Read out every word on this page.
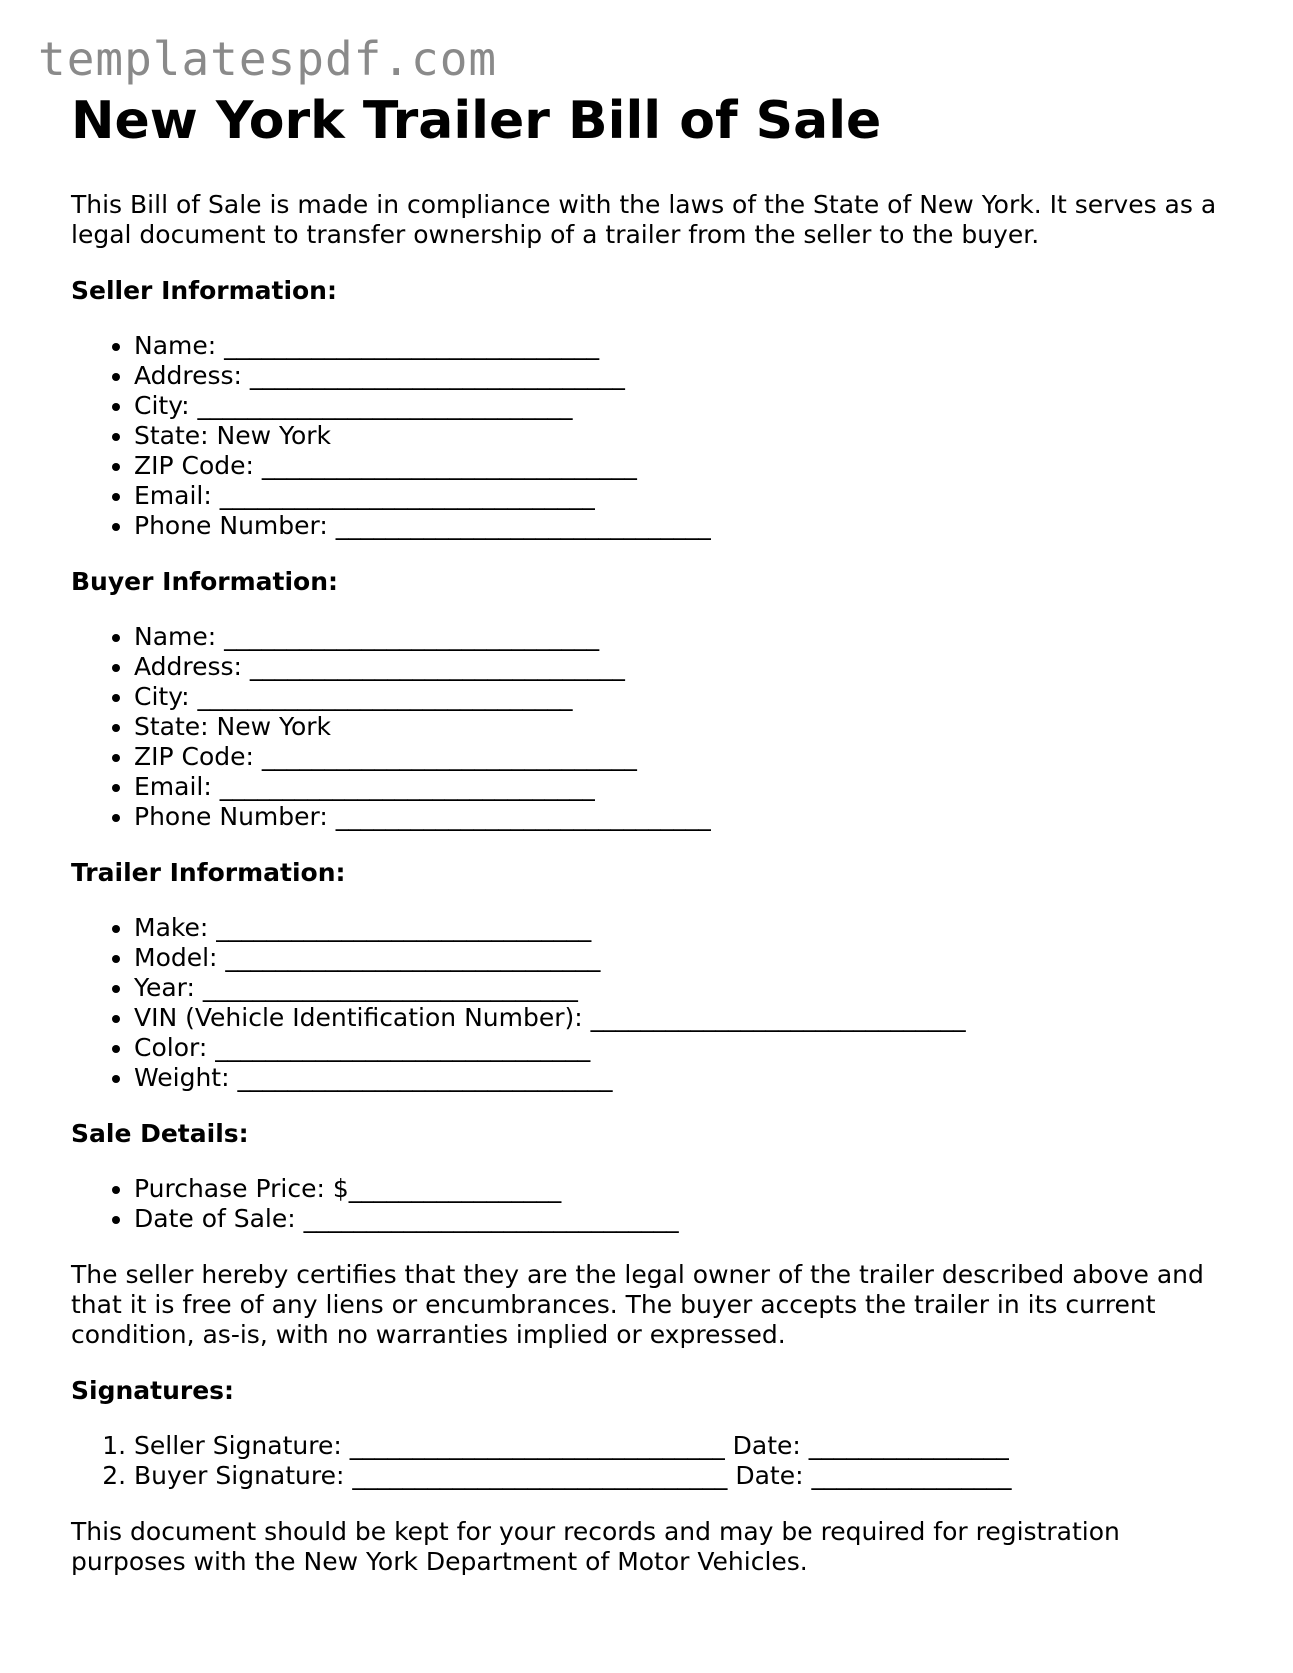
templatespdf.com
New York Trailer Bill of Sale

This Bill of Sale is made in compliance with the laws of the State of New York. It serves as a legal document to transfer ownership of a trailer from the seller to the buyer.

Seller Information:
• Name: ______________________________
• Address: ______________________________
• City: ______________________________
• State: New York
• ZIP Code: ______________________________
• Email: ______________________________
• Phone Number: ______________________________
Buyer Information:
• Name: ______________________________
• Address: ______________________________
• City: ______________________________
• State: New York
• ZIP Code: ______________________________
• Email: ______________________________
• Phone Number: ______________________________
Trailer Information:
• Make: ______________________________
• Model: ______________________________
• Year: ______________________________
• VIN (Vehicle Identification Number): ______________________________
• Color: ______________________________
• Weight: ______________________________
Sale Details:
• Purchase Price: $_________________
• Date of Sale: ______________________________

The seller hereby certifies that they are the legal owner of the trailer described above and that it is free of any liens or encumbrances. The buyer accepts the trailer in its current condition, as-is, with no warranties implied or expressed.

Signatures:
1. Seller Signature: ______________________________ Date: ________________
2. Buyer Signature: ______________________________ Date: ________________

This document should be kept for your records and may be required for registration purposes with the New York Department of Motor Vehicles.
